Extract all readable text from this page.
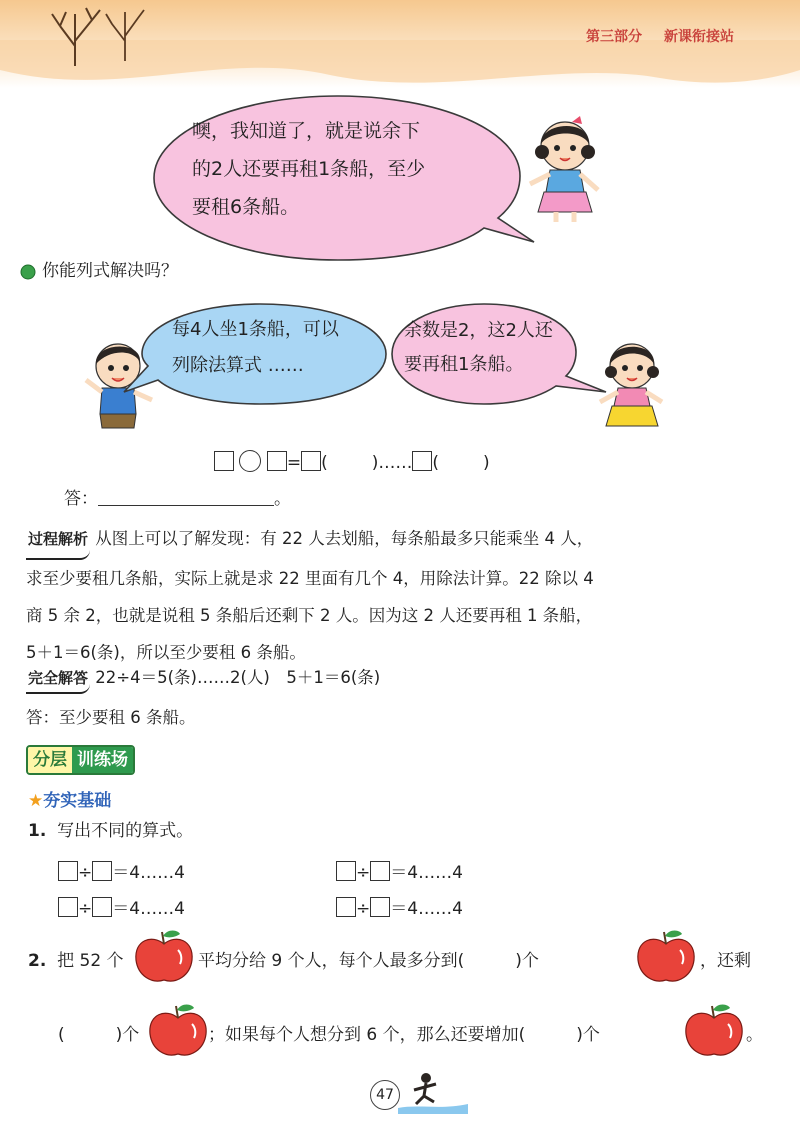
第三部分 新课衔接站
噢，我知道了，就是说余下
的2人还要再租1条船，至少
要租6条船。
你能列式解决吗？
每4人坐1条船，可以
列除法算式 ……
余数是2，这2人还
要再租1条船。
= (	)…… (	)
答：	。
过程解析 从图上可以了解发现：有 22 人去划船，每条船最多只能乘坐 4 人，
求至少要租几条船，实际上就是求 22 里面有几个 4，用除法计算。22 除以 4
商 5 余 2，也就是说租 5 条船后还剩下 2 人。因为这 2 人还要再租 1 条船，
5＋1＝6(条)，所以至少要租 6 条船。
完全解答 22÷4＝5(条)……2(人)　5＋1＝6(条)
答：至少要租 6 条船。
分层 训练场
★夯实基础
1. 写出不同的算式。
÷ ＝4……4	÷ ＝4……4
÷ ＝4……4	÷ ＝4……4
2. 把 52 个	平均分给 9 个人，每个人最多分到(　　　)个	，还剩
(　　　)个	；如果每个人想分到 6 个，那么还要增加(　　　)个	。
47
